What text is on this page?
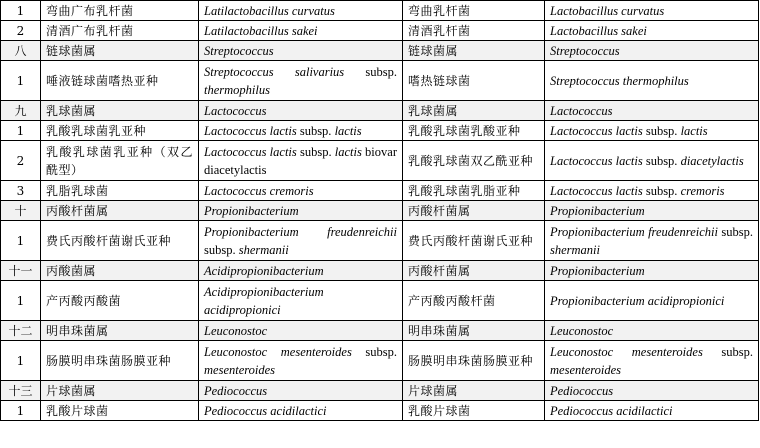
1	弯曲广布乳杆菌	Latilactobacillus curvatus	弯曲乳杆菌	Lactobacillus curvatus
2	清酒广布乳杆菌	Latilactobacillus sakei	清酒乳杆菌	Lactobacillus sakei
八	链球菌属	Streptococcus	链球菌属	Streptococcus
1	唾液链球菌嗜热亚种	Streptococcus salivarius subsp. thermophilus	嗜热链球菌	Streptococcus thermophilus
九	乳球菌属	Lactococcus	乳球菌属	Lactococcus
1	乳酸乳球菌乳亚种	Lactococcus lactis subsp. lactis	乳酸乳球菌乳酸亚种	Lactococcus lactis subsp. lactis
2	乳酸乳球菌乳亚种（双乙酰型）	Lactococcus lactis subsp. lactis biovar diacetylactis	乳酸乳球菌双乙酰亚种	Lactococcus lactis subsp. diacetylactis
3	乳脂乳球菌	Lactococcus cremoris	乳酸乳球菌乳脂亚种	Lactococcus lactis subsp. cremoris
十	丙酸杆菌属	Propionibacterium	丙酸杆菌属	Propionibacterium
1	费氏丙酸杆菌谢氏亚种	Propionibacterium freudenreichii subsp. shermanii	费氏丙酸杆菌谢氏亚种	Propionibacterium freudenreichii subsp. shermanii
十一	丙酸菌属	Acidipropionibacterium	丙酸杆菌属	Propionibacterium
1	产丙酸丙酸菌	Acidipropionibacterium acidipropionici	产丙酸丙酸杆菌	Propionibacterium acidipropionici
十二	明串珠菌属	Leuconostoc	明串珠菌属	Leuconostoc
1	肠膜明串珠菌肠膜亚种	Leuconostoc mesenteroides subsp. mesenteroides	肠膜明串珠菌肠膜亚种	Leuconostoc mesenteroides subsp. mesenteroides
十三	片球菌属	Pediococcus	片球菌属	Pediococcus
1	乳酸片球菌	Pediococcus acidilactici	乳酸片球菌	Pediococcus acidilactici
